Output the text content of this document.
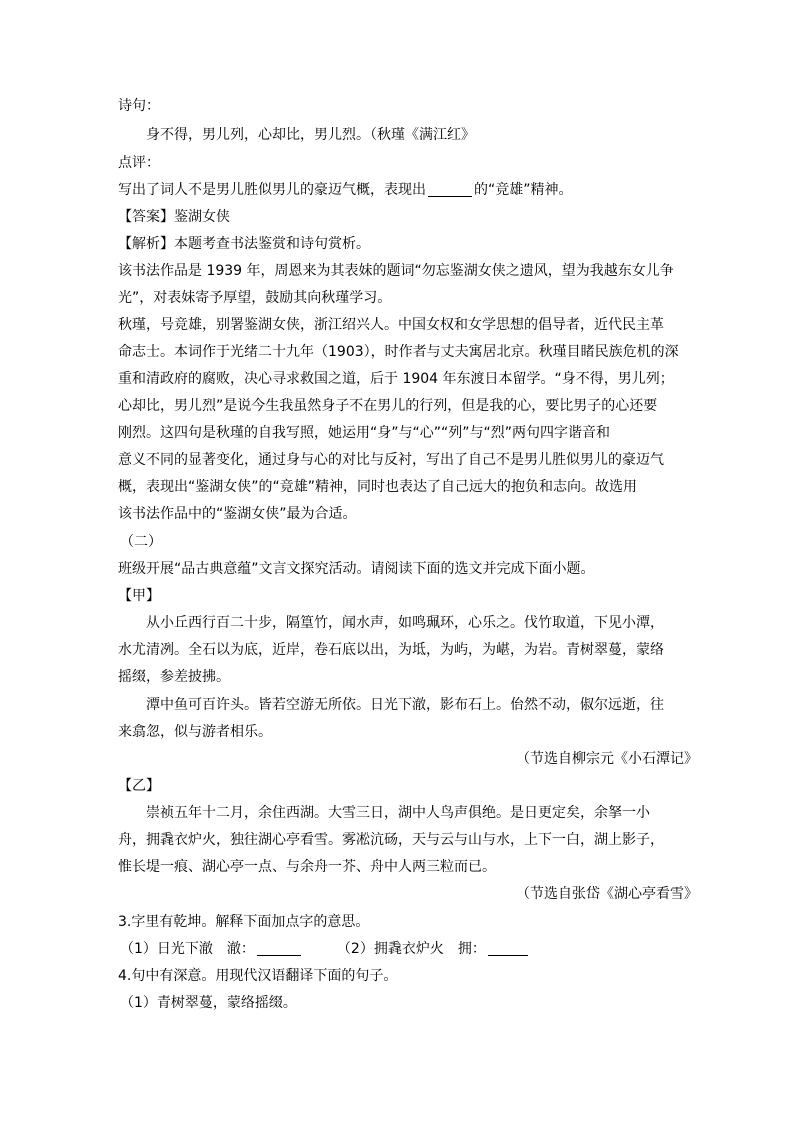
诗句：
身不得，男儿列，心却比，男儿烈。（秋瑾《满江红》
点评：
写出了词人不是男儿胜似男儿的豪迈气概，表现出	的“竞雄”精神。
【答案】鉴湖女侠
【解析】本题考查书法鉴赏和诗句赏析。
该书法作品是 1939 年，周恩来为其表妹的题词“勿忘鉴湖女侠之遗风，望为我越东女儿争
光”，对表妹寄予厚望，鼓励其向秋瑾学习。
秋瑾，号竞雄，别署鉴湖女侠，浙江绍兴人。中国女权和女学思想的倡导者，近代民主革
命志士。本词作于光绪二十九年（1903），时作者与丈夫寓居北京。秋瑾目睹民族危机的深
重和清政府的腐败，决心寻求救国之道，后于 1904 年东渡日本留学。“身不得，男儿列；
心却比，男儿烈”是说今生我虽然身子不在男儿的行列，但是我的心，要比男子的心还要
刚烈。这四句是秋瑾的自我写照，她运用“身”与“心”“列”与“烈”两句四字谐音和
意义不同的显著变化，通过身与心的对比与反衬，写出了自己不是男儿胜似男儿的豪迈气
概，表现出“鉴湖女侠”的“竞雄”精神，同时也表达了自己远大的抱负和志向。故选用
该书法作品中的“鉴湖女侠”最为合适。
（二）
班级开展“品古典意蕴”文言文探究活动。请阅读下面的选文并完成下面小题。
【甲】
从小丘西行百二十步，隔篁竹，闻水声，如鸣珮环，心乐之。伐竹取道，下见小潭，
水尤清冽。全石以为底，近岸，卷石底以出，为坻，为屿，为嵁，为岩。青树翠蔓，蒙络
摇缀，参差披拂。
潭中鱼可百许头。皆若空游无所依。日光下澈，影布石上。佁然不动，俶尔远逝，往
来翕忽，似与游者相乐。
（节选自柳宗元《小石潭记》
【乙】
崇祯五年十二月，余住西湖。大雪三日，湖中人鸟声俱绝。是日更定矣，余拏一小
舟，拥毳衣炉火，独往湖心亭看雪。雾凇沆砀，天与云与山与水，上下一白，湖上影子，
惟长堤一痕、湖心亭一点、与余舟一芥、舟中人两三粒而已。
（节选自张岱《湖心亭看雪》
3.字里有乾坤。解释下面加点字的意思。
（1）日光下澈　澈：	（2）拥毳衣炉火　拥：
4.句中有深意。用现代汉语翻译下面的句子。
（1）青树翠蔓，蒙络摇缀。
